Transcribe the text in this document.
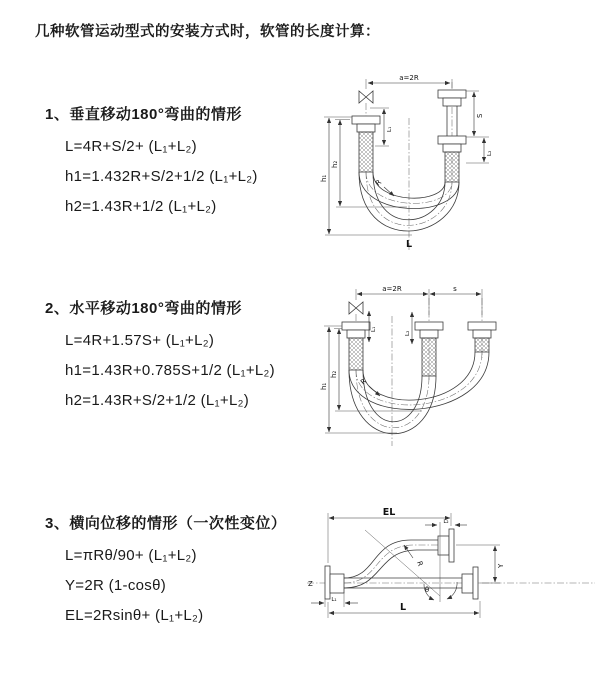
几种软管运动型式的安装方式时，软管的长度计算：
1、垂直移动180°弯曲的情形
L=4R+S/2+ (L₁+L₂)
h1=1.432R+S/2+1/2 (L₁+L₂)
h2=1.43R+1/2 (L₁+L₂)
2、水平移动180°弯曲的情形
L=4R+1.57S+ (L₁+L₂)
h1=1.43R+0.785S+1/2 (L₁+L₂)
h2=1.43R+S/2+1/2 (L₁+L₂)
3、横向位移的情形（一次性变位）
L=πRθ/90+ (L₁+L₂)
Y=2R (1-cosθ)
EL=2Rsinθ+ (L₁+L₂)
a=2R
S
L₂
L₁
h₁
h₂
R
L
a=2R	s
h₁
h₂
L₁
L₂
R
Z
θ
EL
L₂
Y
L
L₁
R
